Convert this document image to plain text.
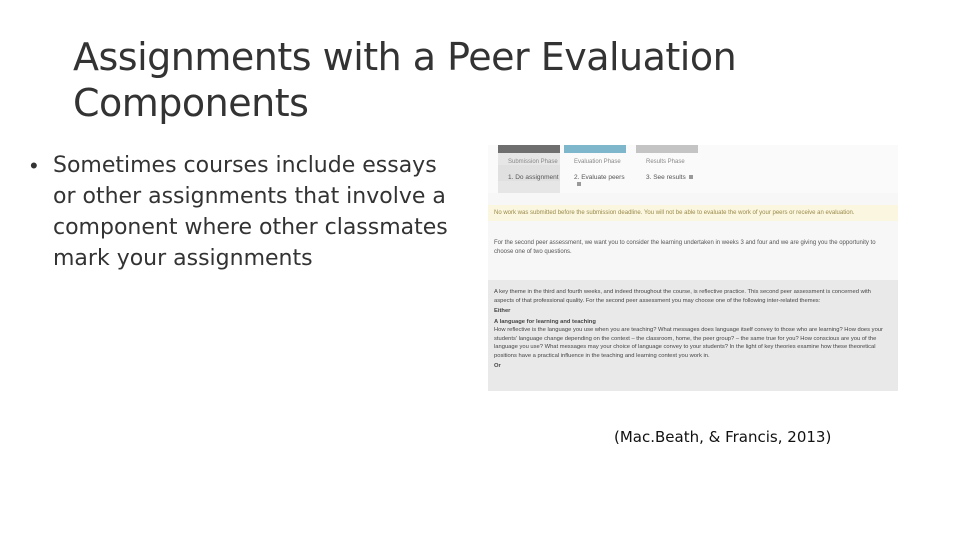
Assignments with a Peer Evaluation Components
• Sometimes courses include essays or other assignments that involve a component where other classmates mark your assignments
Submission Phase
1. Do assignment
Evaluation Phase
2. Evaluate peers
Results Phase
3. See results
No work was submitted before the submission deadline. You will not be able to evaluate the work of your peers or receive an evaluation.
For the second peer assessment, we want you to consider the learning undertaken in weeks 3 and four and we are giving you the opportunity to choose one of two questions.

A key theme in the third and fourth weeks, and indeed throughout the course, is reflective practice. This second peer assessment is concerned with aspects of that professional quality. For the second peer assessment you may choose one of the following inter-related themes:

Either

A language for learning and teaching

How reflective is the language you use when you are teaching? What messages does language itself convey to those who are learning? How does your students' language change depending on the context – the classroom, home, the peer group? – the same true for you? How conscious are you of the language you use? What messages may your choice of language convey to your students? In the light of key theories examine how these theoretical positions have a practical influence in the teaching and learning context you work in.

Or

(Mac.Beath, & Francis, 2013)
